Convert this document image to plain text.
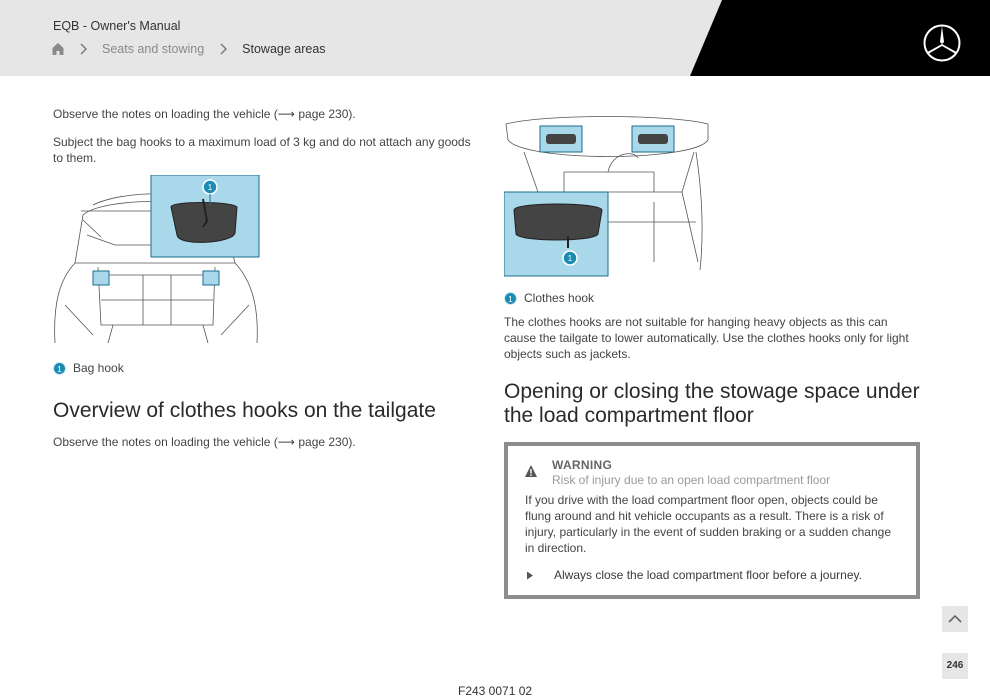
EQB - Owner's Manual
Seats and stowing	Stowage areas

Observe the notes on loading the vehicle (⟶ page 230).

Subject the bag hooks to a maximum load of 3 kg and do not attach any goods to them.

1
1 Bag hook
Overview of clothes hooks on the tailgate

Observe the notes on loading the vehicle (⟶ page 230).

1
1 Clothes hook

The clothes hooks are not suitable for hanging heavy objects as this can cause the tailgate to lower automatically. Use the clothes hooks only for light objects such as jackets.

Opening or closing the stowage space under the load compartment floor
WARNING
Risk of injury due to an open load compartment floor
If you drive with the load compartment floor open, objects could be flung around and hit vehicle occupants as a result. There is a risk of injury, particularly in the event of sudden braking or a sudden change in direction.
Always close the load compartment floor before a journey.
246
F243 0071 02
